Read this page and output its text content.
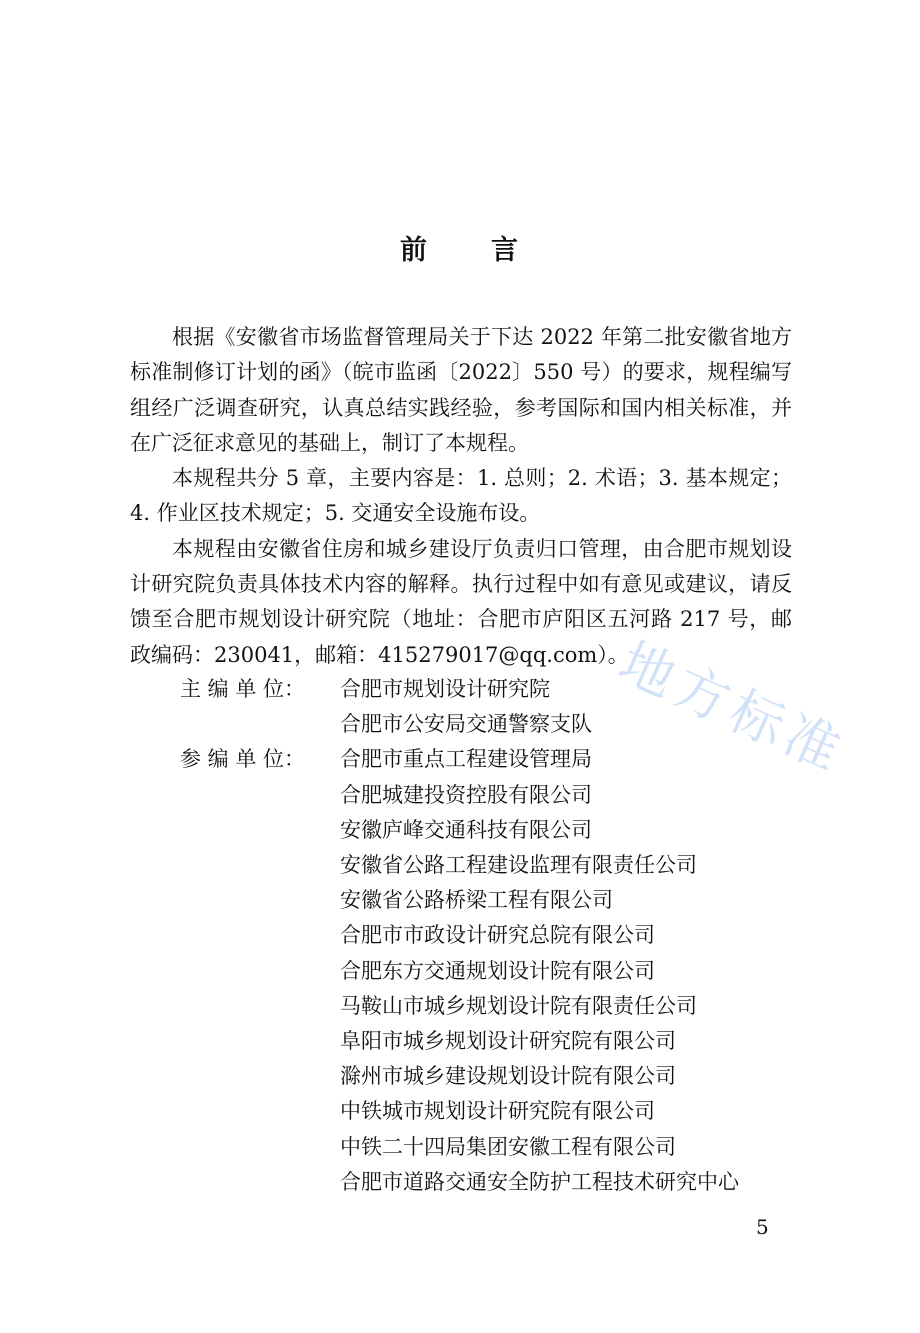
前 言

根据《安徽省市场监督管理局关于下达 2022 年第二批安徽省地方标准制修订计划的函》（皖市监函〔2022〕550 号）的要求，规程编写组经广泛调查研究，认真总结实践经验，参考国际和国内相关标准，并在广泛征求意见的基础上，制订了本规程。

本规程共分 5 章，主要内容是：1. 总则；2. 术语；3. 基本规定；4. 作业区技术规定；5. 交通安全设施布设。

本规程由安徽省住房和城乡建设厅负责归口管理，由合肥市规划设计研究院负责具体技术内容的解释。执行过程中如有意见或建议，请反馈至合肥市规划设计研究院（地址：合肥市庐阳区五河路 217 号，邮政编码：230041，邮箱：415279017@qq.com）。

主 编 单 位：	合肥市规划设计研究院
合肥市公安局交通警察支队
参 编 单 位：	合肥市重点工程建设管理局
合肥城建投资控股有限公司
安徽庐峰交通科技有限公司
安徽省公路工程建设监理有限责任公司
安徽省公路桥梁工程有限公司
合肥市市政设计研究总院有限公司
合肥东方交通规划设计院有限公司
马鞍山市城乡规划设计院有限责任公司
阜阳市城乡规划设计研究院有限公司
滁州市城乡建设规划设计院有限公司
中铁城市规划设计研究院有限公司
中铁二十四局集团安徽工程有限公司
合肥市道路交通安全防护工程技术研究中心
地方标准
5
